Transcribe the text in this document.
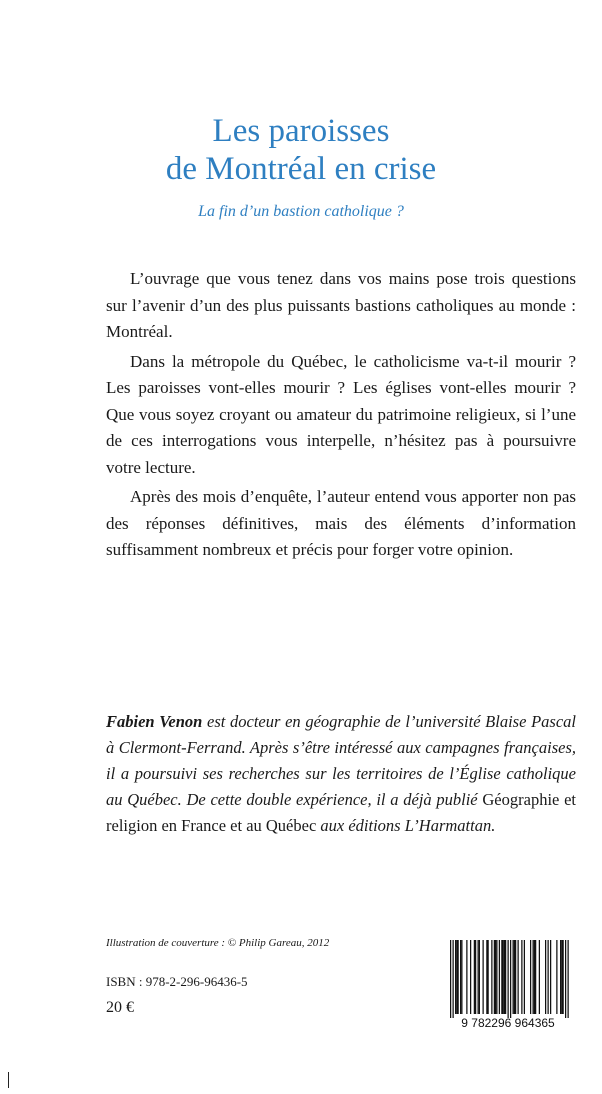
Les paroisses
de Montréal en crise
La fin d’un bastion catholique ?

L’ouvrage que vous tenez dans vos mains pose trois questions sur l’avenir d’un des plus puissants bastions catholiques au monde : Montréal.

Dans la métropole du Québec, le catholicisme va-t-il mourir ? Les paroisses vont-elles mourir ? Les églises vont-elles mourir ? Que vous soyez croyant ou amateur du patrimoine religieux, si l’une de ces interrogations vous interpelle, n’hésitez pas à poursuivre votre lecture.

Après des mois d’enquête, l’auteur entend vous apporter non pas des réponses définitives, mais des éléments d’information suffisamment nombreux et précis pour forger votre opinion.

Fabien Venon est docteur en géographie de l’université Blaise Pascal à Clermont-Ferrand. Après s’être intéressé aux campagnes françaises, il a poursuivi ses recherches sur les territoires de l’Église catholique au Québec. De cette double expérience, il a déjà publié Géographie et religion en France et au Québec aux éditions L’Harmattan.
Illustration de couverture : © Philip Gareau, 2012
ISBN : 978-2-296-96436-5
20 €
9 782296 964365
